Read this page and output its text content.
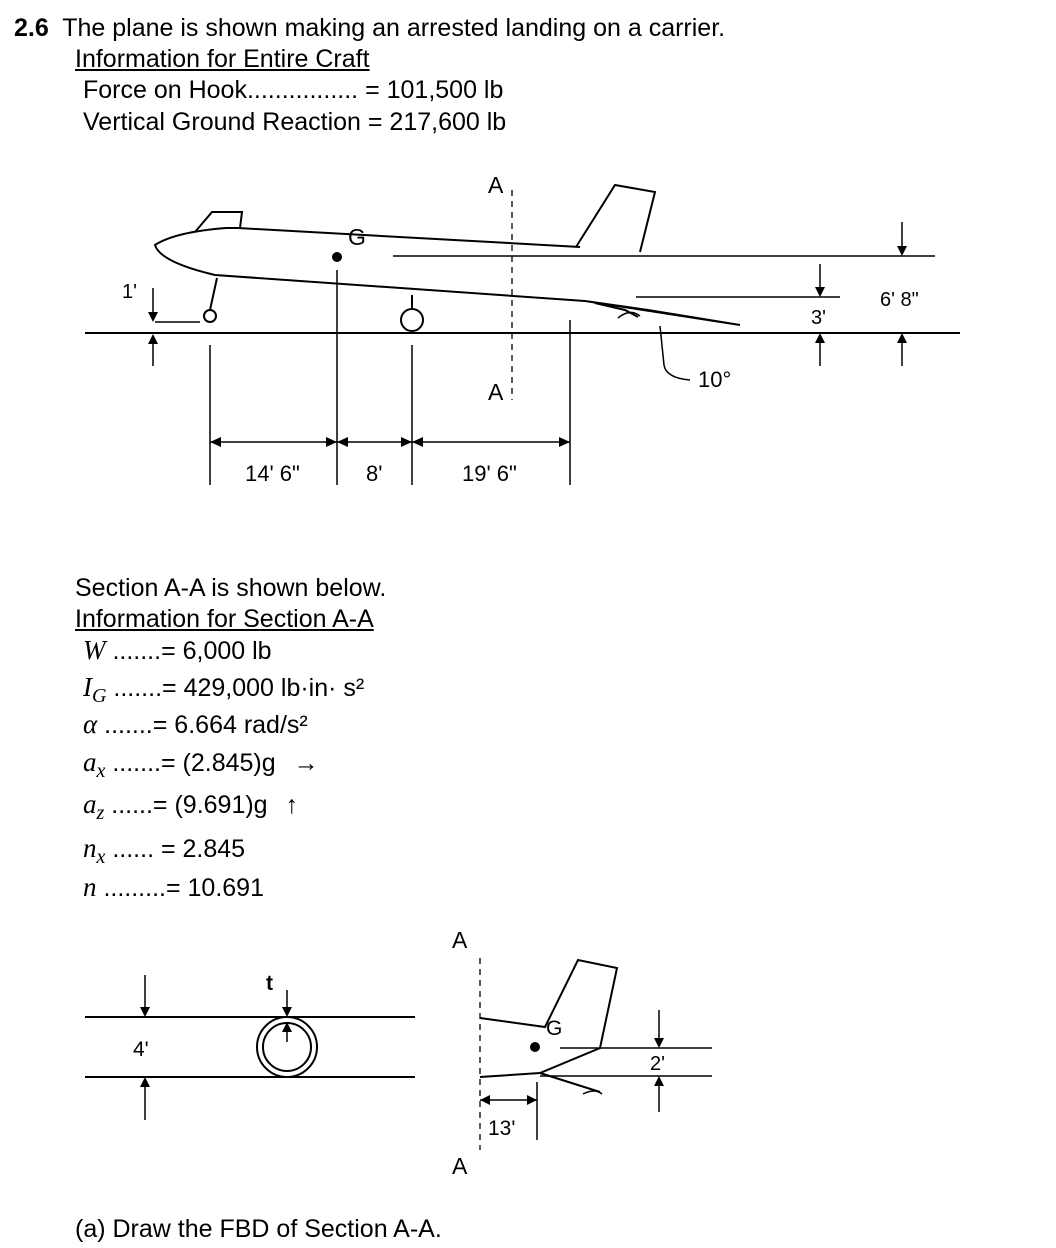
2.6 The plane is shown making an arrested landing on a carrier.
Information for Entire Craft
Force on Hook................ = 101,500 lb
Vertical Ground Reaction = 217,600 lb
G
A
A
1'
3'
6' 8"
10°
14' 6"	8'	19' 6"
Section A-A is shown below.
Information for Section A-A
W .......= 6,000 lb
$I_G$ .......= 429,000 lb·in· s²
α .......= 6.664 rad/s²
$a_x$ .......= (2.845)g →
$a_z$ ......= (9.691)g ↑
$n_x$ ...... = 2.845
n .........= 10.691
t
4'
A
A
G
2'
13'
(a) Draw the FBD of Section A-A.
